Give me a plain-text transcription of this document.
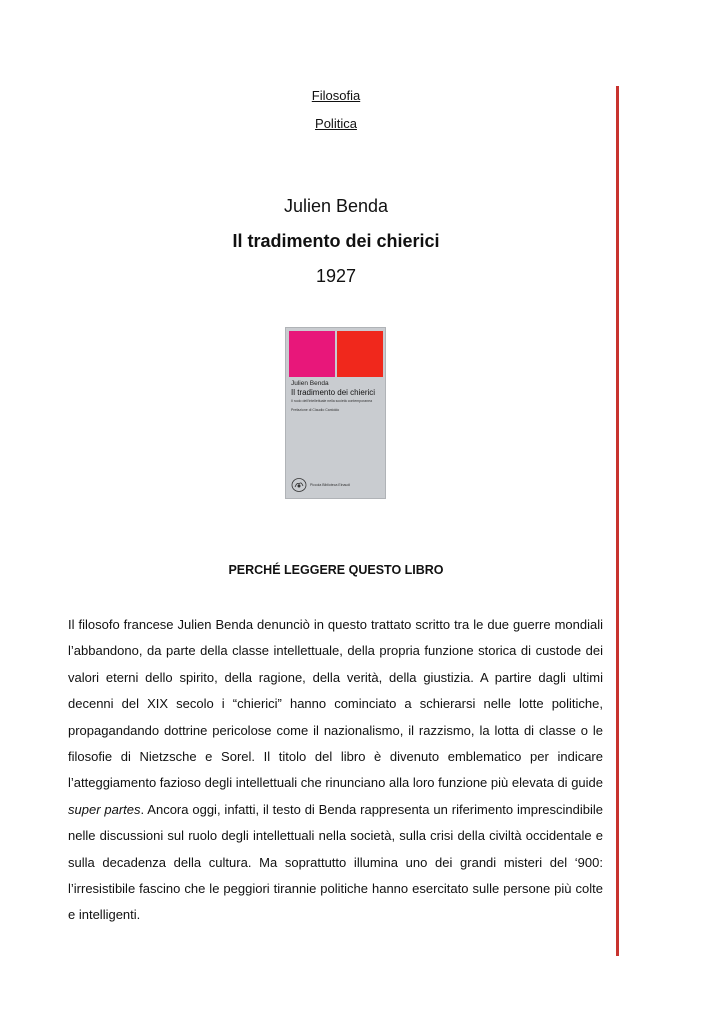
Filosofia
Politica
Julien Benda
Il tradimento dei chierici
1927
Julien Benda
Il tradimento dei chierici
Il ruolo dell'intellettuale nella società contemporanea
Prefazione di Claudio Cantoldo
Piccola Biblioteca Einaudi
PERCHÉ LEGGERE QUESTO LIBRO

Il filosofo francese Julien Benda denunciò in questo trattato scritto tra le due guerre mondiali l’abbandono, da parte della classe intellettuale, della propria funzione storica di custode dei valori eterni dello spirito, della ragione, della verità, della giustizia. A partire dagli ultimi decenni del XIX secolo i “chierici” hanno cominciato a schierarsi nelle lotte politiche, propagandando dottrine pericolose come il nazionalismo, il razzismo, la lotta di classe o le filosofie di Nietzsche e Sorel. Il titolo del libro è divenuto emblematico per indicare l’atteggiamento fazioso degli intellettuali che rinunciano alla loro funzione più elevata di guide super partes. Ancora oggi, infatti, il testo di Benda rappresenta un riferimento imprescindibile nelle discussioni sul ruolo degli intellettuali nella società, sulla crisi della civiltà occidentale e sulla decadenza della cultura. Ma soprattutto illumina uno dei grandi misteri del ‘900: l’irresistibile fascino che le peggiori tirannie politiche hanno esercitato sulle persone più colte e intelligenti.
